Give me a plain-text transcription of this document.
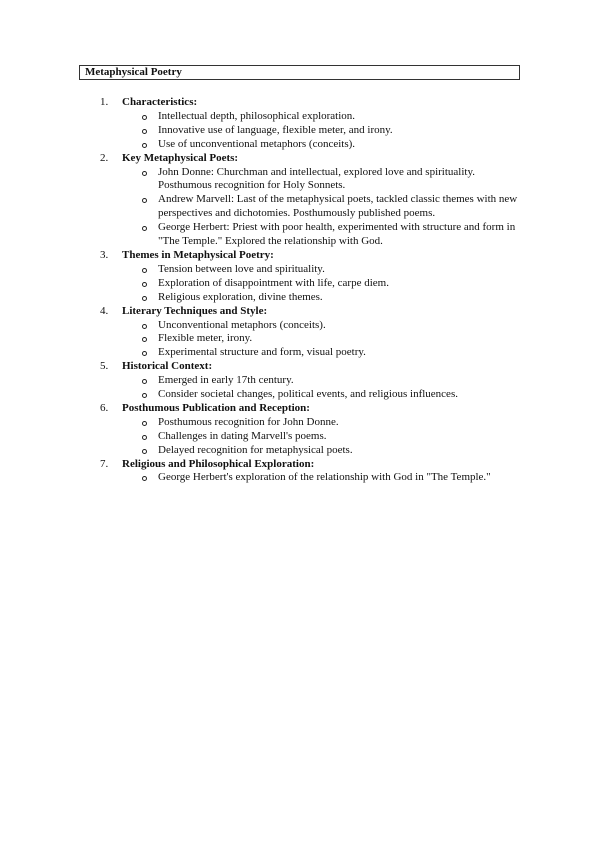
Metaphysical Poetry
1.	Characteristics:
Intellectual depth, philosophical exploration.
Innovative use of language, flexible meter, and irony.
Use of unconventional metaphors (conceits).
2.	Key Metaphysical Poets:
John Donne: Churchman and intellectual, explored love and spirituality. Posthumous recognition for Holy Sonnets.
Andrew Marvell: Last of the metaphysical poets, tackled classic themes with new perspectives and dichotomies. Posthumously published poems.
George Herbert: Priest with poor health, experimented with structure and form in "The Temple." Explored the relationship with God.
3.	Themes in Metaphysical Poetry:
Tension between love and spirituality.
Exploration of disappointment with life, carpe diem.
Religious exploration, divine themes.
4.	Literary Techniques and Style:
Unconventional metaphors (conceits).
Flexible meter, irony.
Experimental structure and form, visual poetry.
5.	Historical Context:
Emerged in early 17th century.
Consider societal changes, political events, and religious influences.
6.	Posthumous Publication and Reception:
Posthumous recognition for John Donne.
Challenges in dating Marvell's poems.
Delayed recognition for metaphysical poets.
7.	Religious and Philosophical Exploration:
George Herbert's exploration of the relationship with God in "The Temple."
